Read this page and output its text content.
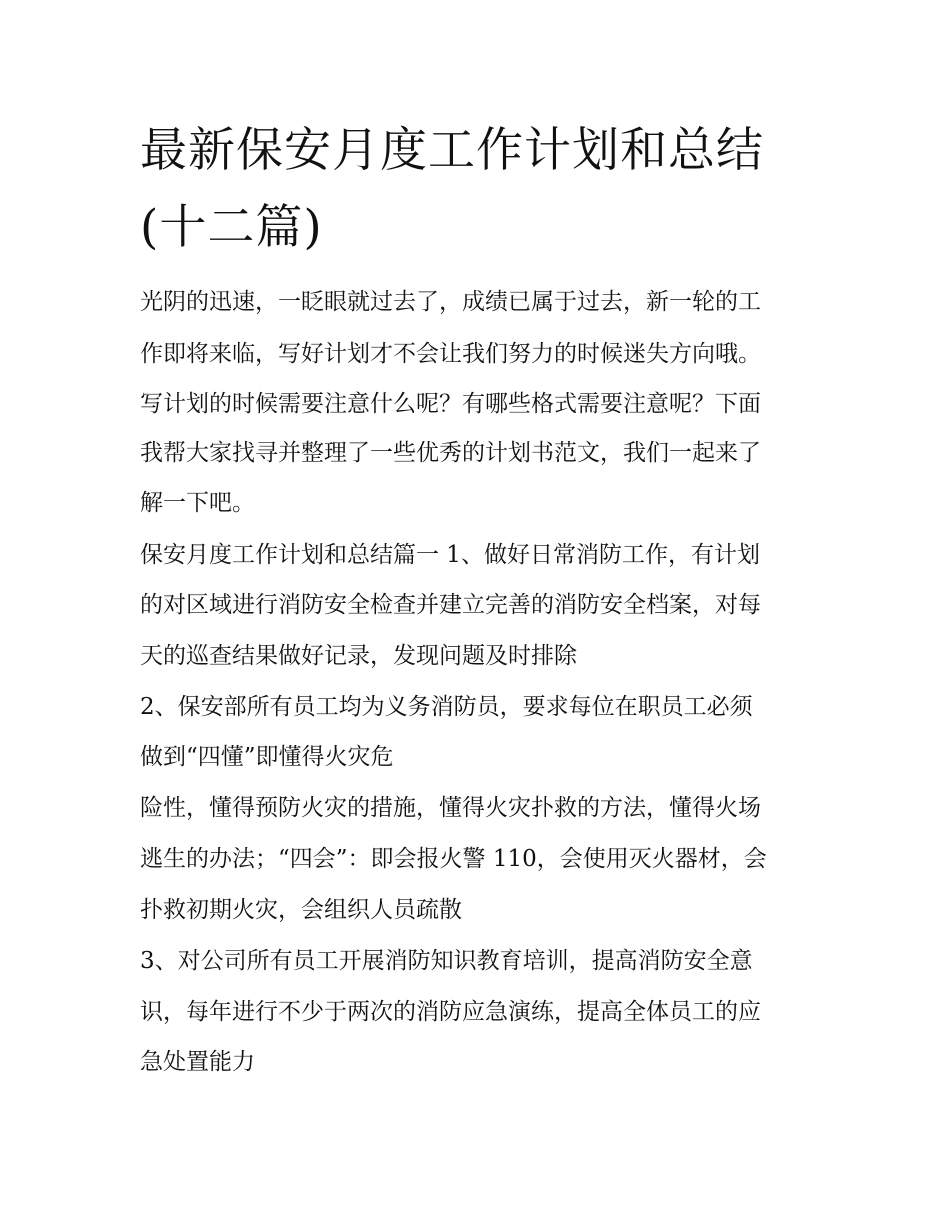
最新保安月度工作计划和总结
(十二篇)

光阴的迅速，一眨眼就过去了，成绩已属于过去，新一轮的工

作即将来临，写好计划才不会让我们努力的时候迷失方向哦。

写计划的时候需要注意什么呢？有哪些格式需要注意呢？下面

我帮大家找寻并整理了一些优秀的计划书范文，我们一起来了

解一下吧。

保安月度工作计划和总结篇一 1、做好日常消防工作，有计划

的对区域进行消防安全检查并建立完善的消防安全档案，对每

天的巡查结果做好记录，发现问题及时排除

2、保安部所有员工均为义务消防员，要求每位在职员工必须

做到“四懂”即懂得火灾危

险性，懂得预防火灾的措施，懂得火灾扑救的方法，懂得火场

逃生的办法；“四会”：即会报火警 110，会使用灭火器材，会

扑救初期火灾，会组织人员疏散

3、对公司所有员工开展消防知识教育培训，提高消防安全意

识，每年进行不少于两次的消防应急演练，提高全体员工的应

急处置能力
